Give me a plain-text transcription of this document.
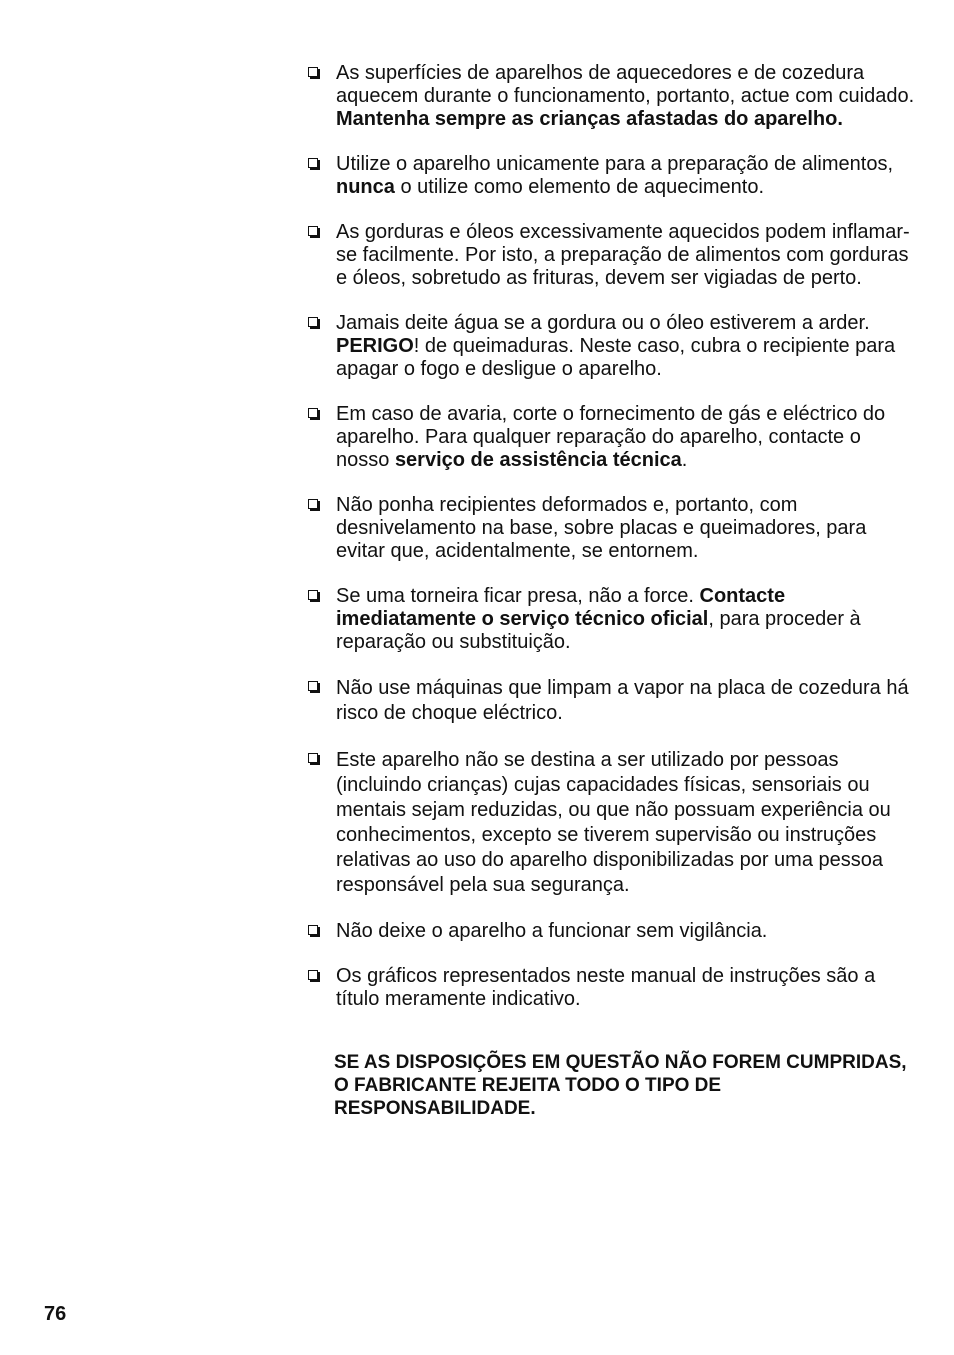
As superfícies de aparelhos de aquecedores e de cozedura aquecem durante o funcionamento, portanto, actue com cuidado.
Mantenha sempre as crianças afastadas do aparelho.
Utilize o aparelho unicamente para a preparação de alimentos, nunca o utilize como elemento de aquecimento.
As gorduras e óleos excessivamente aquecidos podem inflamar-se facilmente. Por isto, a preparação de alimentos com gorduras e óleos, sobretudo as frituras, devem ser vigiadas de perto.
Jamais deite água se a gordura ou o óleo estiverem a arder. PERIGO! de queimaduras. Neste caso, cubra o recipiente para apagar o fogo e desligue o aparelho.
Em caso de avaria, corte o fornecimento de gás e eléctrico do aparelho. Para qualquer reparação do aparelho, contacte o nosso serviço de assistência técnica.
Não ponha recipientes deformados e, portanto, com desnivelamento na base, sobre placas e queimadores, para evitar que, acidentalmente, se entornem.
Se uma torneira ficar presa, não a force. Contacte imediatamente o serviço técnico oficial, para proceder à reparação ou substituição.
Não use máquinas que limpam a vapor na placa de cozedura há risco de choque eléctrico.
Este aparelho não se destina a ser utilizado por pessoas (incluindo crianças) cujas capacidades físicas, sensoriais ou mentais sejam reduzidas, ou que não possuam experiência ou conhecimentos, excepto se tiverem supervisão ou instruções relativas ao uso do aparelho disponibilizadas por uma pessoa responsável pela sua segurança.
Não deixe o aparelho a funcionar sem vigilância.
Os gráficos representados neste manual de instruções são a título meramente indicativo.
SE AS DISPOSIÇÕES EM QUESTÃO NÃO FOREM CUMPRIDAS, O FABRICANTE REJEITA TODO O TIPO DE RESPONSABILIDADE.
76
